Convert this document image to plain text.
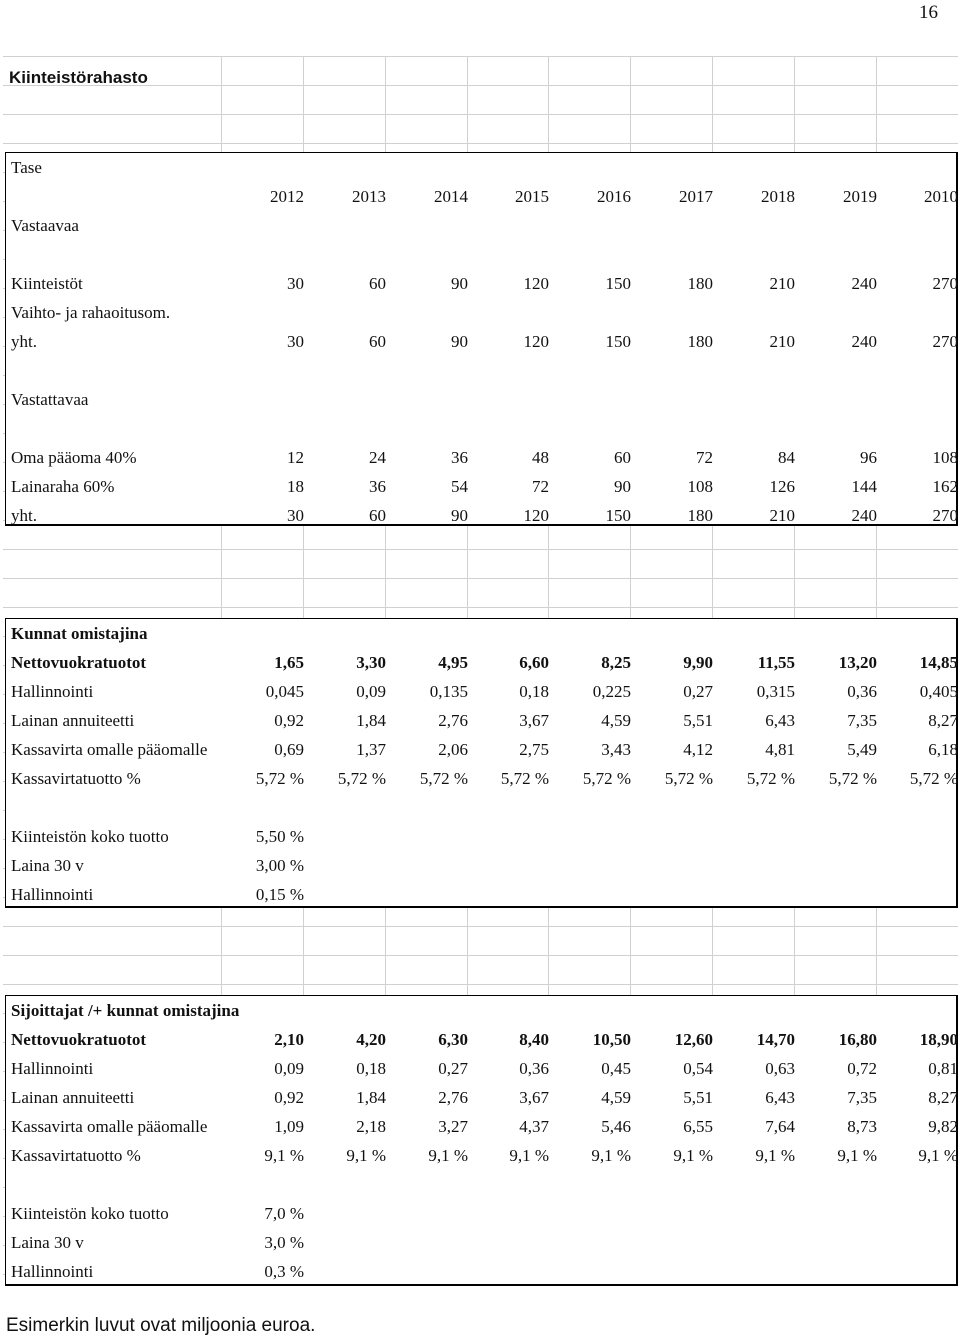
16
Kiinteistörahasto
Tase
2012	2013	2014	2015	2016	2017	2018	2019	2010
Vastaavaa
Kiinteistöt	30	60	90	120	150	180	210	240	270
Vaihto- ja rahaoitusom.
yht.	30	60	90	120	150	180	210	240	270
Vastattavaa
Oma pääoma 40%	12	24	36	48	60	72	84	96	108
Lainaraha 60%	18	36	54	72	90	108	126	144	162
yht.	30	60	90	120	150	180	210	240	270
Kunnat omistajina
Nettovuokratuotot	1,65	3,30	4,95	6,60	8,25	9,90	11,55	13,20	14,85
Hallinnointi	0,045	0,09	0,135	0,18	0,225	0,27	0,315	0,36	0,405
Lainan annuiteetti	0,92	1,84	2,76	3,67	4,59	5,51	6,43	7,35	8,27
Kassavirta omalle pääomalle	0,69	1,37	2,06	2,75	3,43	4,12	4,81	5,49	6,18
Kassavirtatuotto %	5,72 %	5,72 %	5,72 %	5,72 %	5,72 %	5,72 %	5,72 %	5,72 %	5,72 %
Kiinteistön koko tuotto	5,50 %
Laina 30 v	3,00 %
Hallinnointi	0,15 %
Sijoittajat /+ kunnat omistajina
Nettovuokratuotot	2,10	4,20	6,30	8,40	10,50	12,60	14,70	16,80	18,90
Hallinnointi	0,09	0,18	0,27	0,36	0,45	0,54	0,63	0,72	0,81
Lainan annuiteetti	0,92	1,84	2,76	3,67	4,59	5,51	6,43	7,35	8,27
Kassavirta omalle pääomalle	1,09	2,18	3,27	4,37	5,46	6,55	7,64	8,73	9,82
Kassavirtatuotto %	9,1 %	9,1 %	9,1 %	9,1 %	9,1 %	9,1 %	9,1 %	9,1 %	9,1 %
Kiinteistön koko tuotto	7,0 %
Laina 30 v	3,0 %
Hallinnointi	0,3 %
Esimerkin luvut ovat miljoonia euroa.
